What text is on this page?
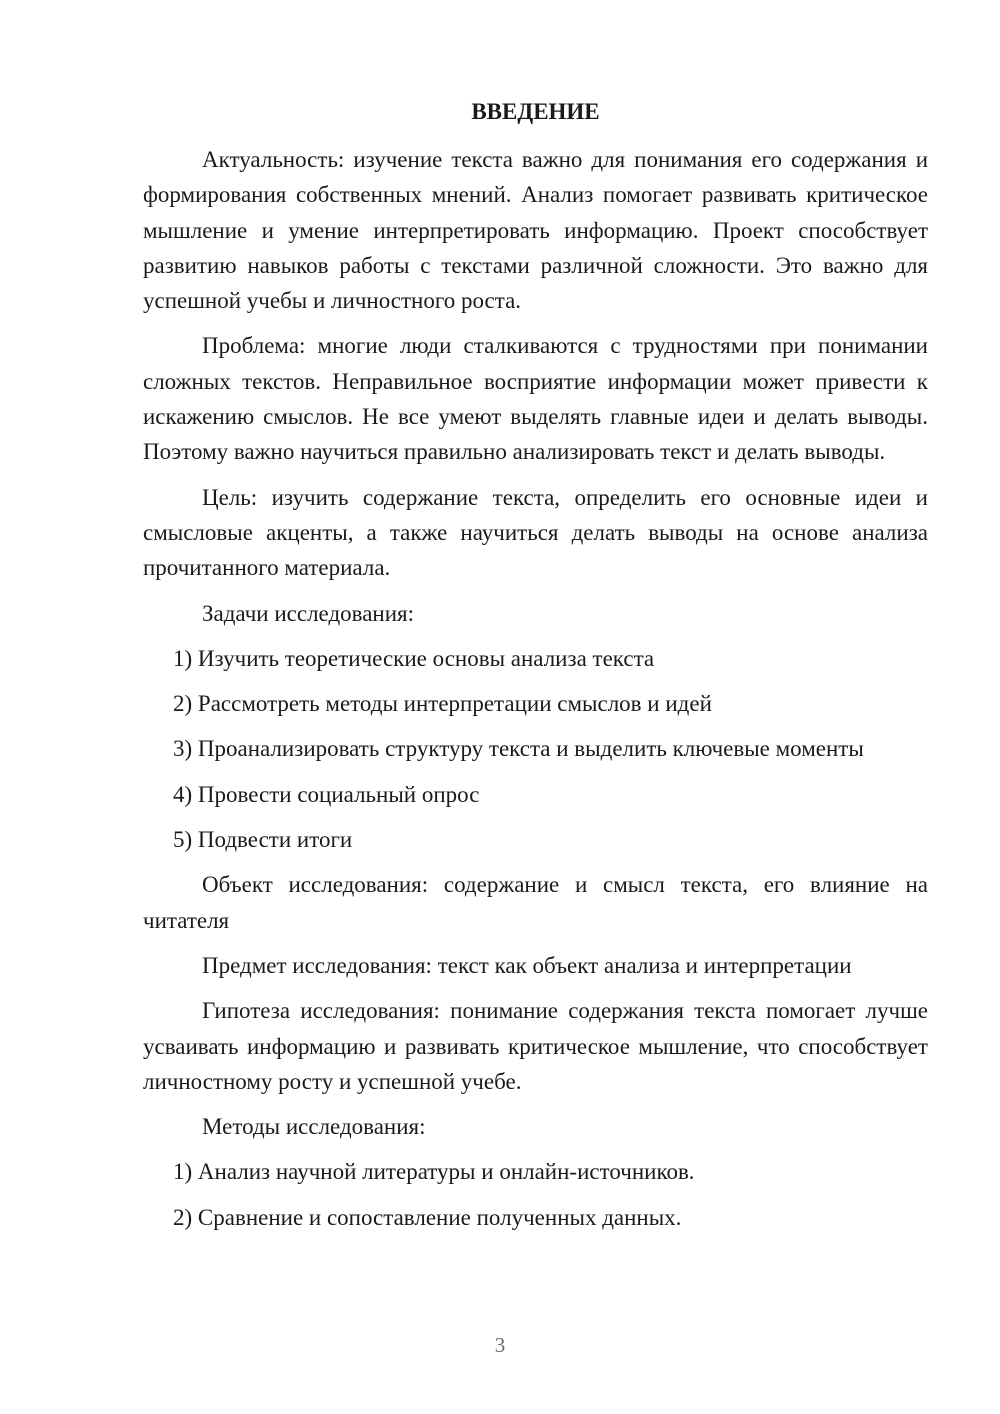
ВВЕДЕНИЕ

Актуальность: изучение текста важно для понимания его содержания и формирования собственных мнений. Анализ помогает развивать критическое мышление и умение интерпретировать информацию. Проект способствует развитию навыков работы с текстами различной сложности. Это важно для успешной учебы и личностного роста.

Проблема: многие люди сталкиваются с трудностями при понимании сложных текстов. Неправильное восприятие информации может привести к искажению смыслов. Не все умеют выделять главные идеи и делать выводы. Поэтому важно научиться правильно анализировать текст и делать выводы.

Цель: изучить содержание текста, определить его основные идеи и смысловые акценты, а также научиться делать выводы на основе анализа прочитанного материала.

Задачи исследования:

1) Изучить теоретические основы анализа текста

2) Рассмотреть методы интерпретации смыслов и идей

3) Проанализировать структуру текста и выделить ключевые моменты

4) Провести социальный опрос

5) Подвести итоги

Объект исследования: содержание и смысл текста, его влияние на читателя

Предмет исследования: текст как объект анализа и интерпретации

Гипотеза исследования: понимание содержания текста помогает лучше усваивать информацию и развивать критическое мышление, что способствует личностному росту и успешной учебе.

Методы исследования:

1) Анализ научной литературы и онлайн-источников.

2) Сравнение и сопоставление полученных данных.

3
